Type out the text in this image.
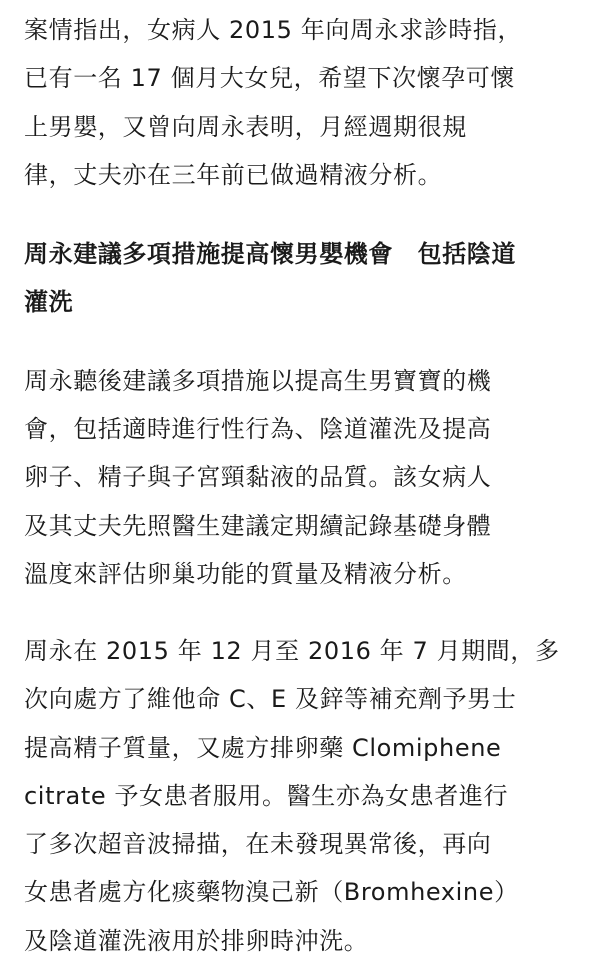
案情指出，女病人 2015 年向周永求診時指，
已有一名 17 個月大女兒，希望下次懷孕可懷
上男嬰，又曾向周永表明，月經週期很規
律，丈夫亦在三年前已做過精液分析。
周永建議多項措施提高懷男嬰機會　包括陰道
灌洗
周永聽後建議多項措施以提高生男寶寶的機
會，包括適時進行性行為、陰道灌洗及提高
卵子、精子與子宮頸黏液的品質。該女病人
及其丈夫先照醫生建議定期續記錄基礎身體
溫度來評估卵巢功能的質量及精液分析。
周永在 2015 年 12 月至 2016 年 7 月期間，多
次向處方了維他命 C、E 及鋅等補充劑予男士
提高精子質量，又處方排卵藥 Clomiphene
citrate 予女患者服用。醫生亦為女患者進行
了多次超音波掃描，在未發現異常後，再向
女患者處方化痰藥物溴己新（Bromhexine）
及陰道灌洗液用於排卵時沖洗。
